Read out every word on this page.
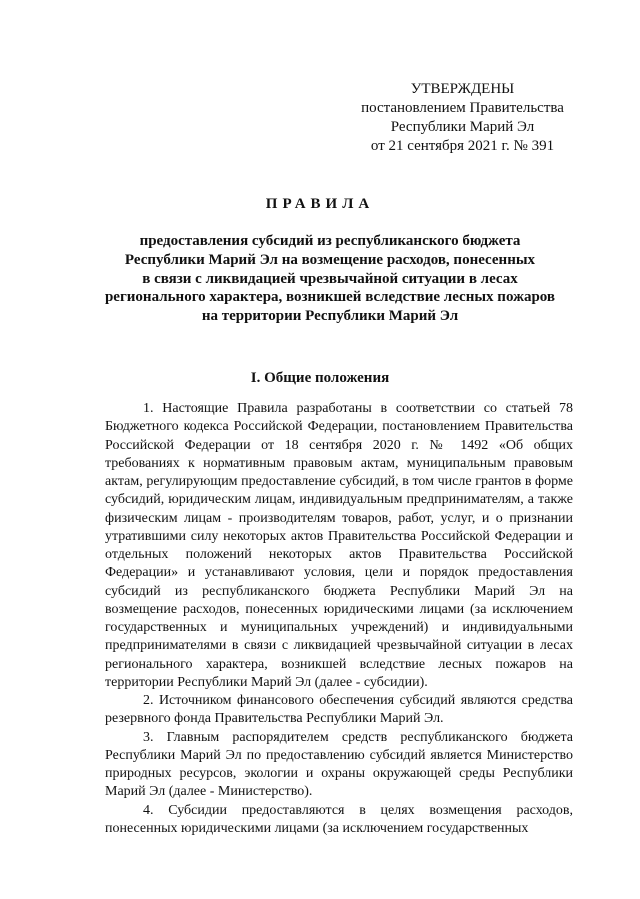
УТВЕРЖДЕНЫ
постановлением Правительства
Республики Марий Эл
от 21 сентября 2021 г. № 391
ПРАВИЛА
предоставления субсидий из республиканского бюджета
Республики Марий Эл на возмещение расходов, понесенных
в связи с ликвидацией чрезвычайной ситуации в лесах
регионального характера, возникшей вследствие лесных пожаров
на территории Республики Марий Эл
I. Общие положения

1. Настоящие Правила разработаны в соответствии со статьей 78 Бюджетного кодекса Российской Федерации, постановлением Правительства Российской Федерации от 18 сентября 2020 г. № 1492 «Об общих требованиях к нормативным правовым актам, муниципальным правовым актам, регулирующим предоставление субсидий, в том числе грантов в форме субсидий, юридическим лицам, индивидуальным предпринимателям, а также физическим лицам - производителям товаров, работ, услуг, и о признании утратившими силу некоторых актов Правительства Российской Федерации и отдельных положений некоторых актов Правительства Российской Федерации» и устанавливают условия, цели и порядок предоставления субсидий из республиканского бюджета Республики Марий Эл на возмещение расходов, понесенных юридическими лицами (за исключением государственных и муниципальных учреждений) и индивидуальными предпринимателями в связи с ликвидацией чрезвычайной ситуации в лесах регионального характера, возникшей вследствие лесных пожаров на территории Республики Марий Эл (далее - субсидии).

2. Источником финансового обеспечения субсидий являются средства резервного фонда Правительства Республики Марий Эл.

3. Главным распорядителем средств республиканского бюджета Республики Марий Эл по предоставлению субсидий является Министерство природных ресурсов, экологии и охраны окружающей среды Республики Марий Эл (далее - Министерство).

4. Субсидии предоставляются в целях возмещения расходов, понесенных юридическими лицами (за исключением государственных
